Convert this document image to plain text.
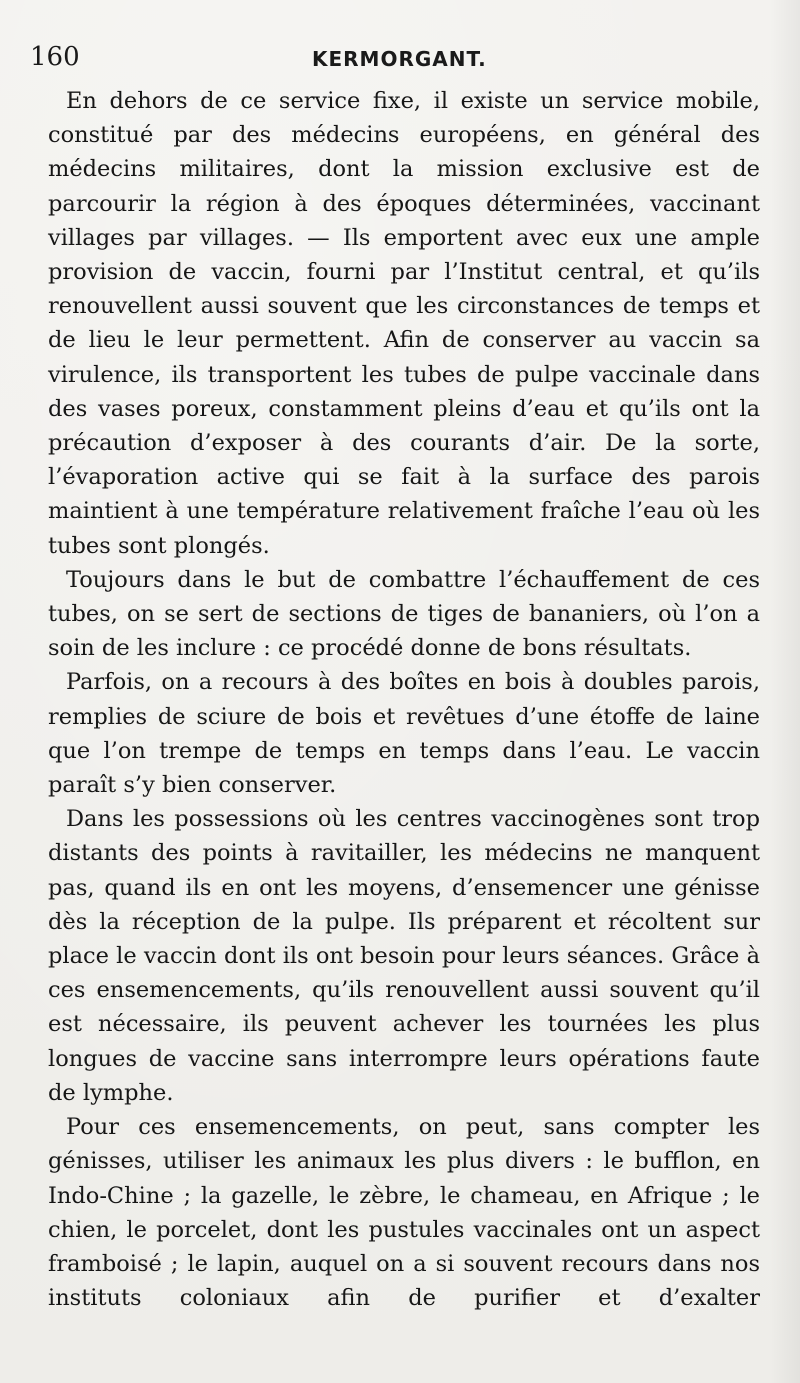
160	KERMORGANT.

En dehors de ce service fixe, il existe un service mobile, constitué par des médecins européens, en général des médecins militaires, dont la mission exclusive est de parcourir la région à des époques déterminées, vaccinant villages par villages. — Ils emportent avec eux une ample provision de vaccin, fourni par l’Institut central, et qu’ils renouvellent aussi souvent que les circonstances de temps et de lieu le leur permettent. Afin de conserver au vaccin sa virulence, ils transportent les tubes de pulpe vaccinale dans des vases poreux, constamment pleins d’eau et qu’ils ont la précaution d’exposer à des courants d’air. De la sorte, l’évaporation active qui se fait à la surface des parois maintient à une température relativement fraîche l’eau où les tubes sont plongés.

Toujours dans le but de combattre l’échauffement de ces tubes, on se sert de sections de tiges de bananiers, où l’on a soin de les inclure : ce procédé donne de bons résultats.

Parfois, on a recours à des boîtes en bois à doubles parois, remplies de sciure de bois et revêtues d’une étoffe de laine que l’on trempe de temps en temps dans l’eau. Le vaccin paraît s’y bien conserver.

Dans les possessions où les centres vaccinogènes sont trop distants des points à ravitailler, les médecins ne manquent pas, quand ils en ont les moyens, d’ensemencer une génisse dès la réception de la pulpe. Ils préparent et récoltent sur place le vaccin dont ils ont besoin pour leurs séances. Grâce à ces ensemencements, qu’ils renouvellent aussi souvent qu’il est nécessaire, ils peuvent achever les tournées les plus longues de vaccine sans interrompre leurs opérations faute de lymphe.

Pour ces ensemencements, on peut, sans compter les génisses, utiliser les animaux les plus divers : le bufflon, en Indo-Chine ; la gazelle, le zèbre, le chameau, en Afrique ; le chien, le porcelet, dont les pustules vaccinales ont un aspect framboisé ; le lapin, auquel on a si souvent recours dans nos instituts coloniaux afin de purifier et d’exalter
